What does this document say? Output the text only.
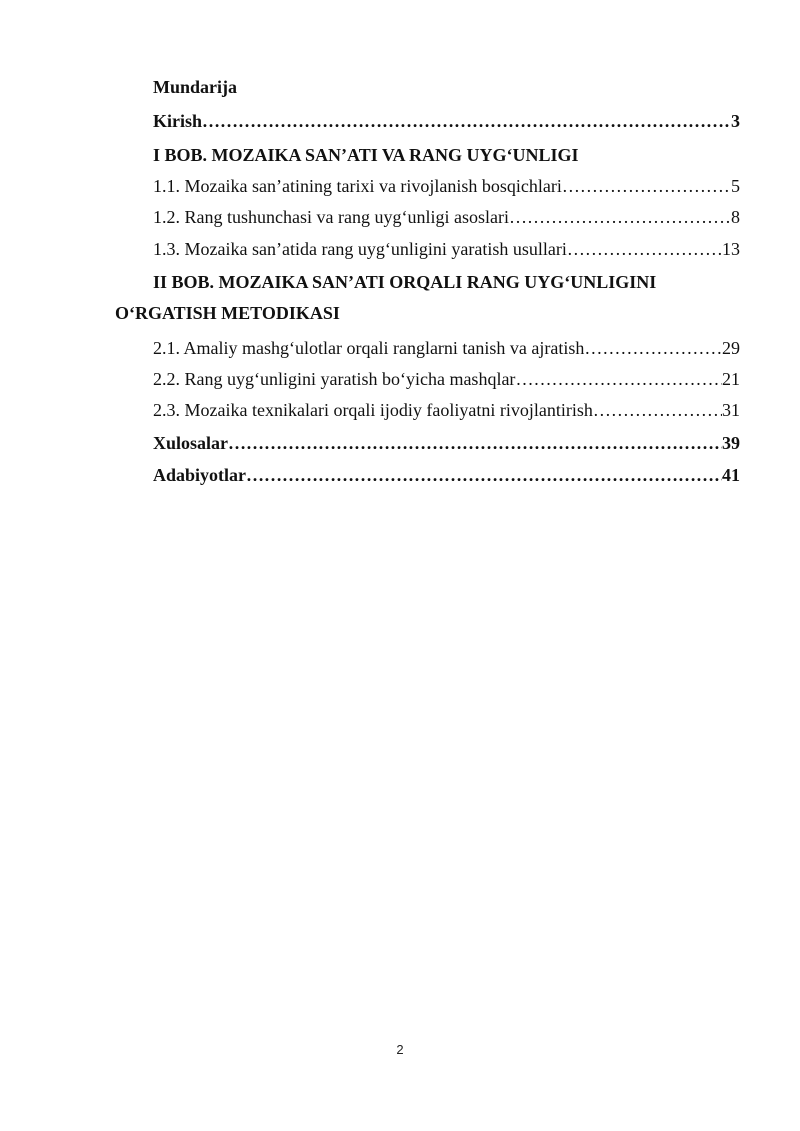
Mundarija
Kirish ………………………………………………………………………………………………………………………………………………………………………	3
I BOB. MOZAIKA SAN’ATI VA RANG UYG‘UNLIGI
1.1. Mozaika san’atining tarixi va rivojlanish bosqichlari ………………………………………………………………………………………………………………………………………………………………………	5
1.2. Rang tushunchasi va rang uyg‘unligi asoslari ………………………………………………………………………………………………………………………………………………………………………	8
1.3. Mozaika san’atida rang uyg‘unligini yaratish usullari ………………………………………………………………………………………………………………………………………………………………………	13
II BOB. MOZAIKA SAN’ATI ORQALI RANG UYG‘UNLIGINI
O‘RGATISH METODIKASI
2.1. Amaliy mashg‘ulotlar orqali ranglarni tanish va ajratish ………………………………………………………………………………………………………………………………………………………………………	29
2.2. Rang uyg‘unligini yaratish bo‘yicha mashqlar ………………………………………………………………………………………………………………………………………………………………………	21
2.3. Mozaika texnikalari orqali ijodiy faoliyatni rivojlantirish ………………………………………………………………………………………………………………………………………………………………………	31
Xulosalar ………………………………………………………………………………………………………………………………………………………………………	39
Adabiyotlar ………………………………………………………………………………………………………………………………………………………………………	41
2
